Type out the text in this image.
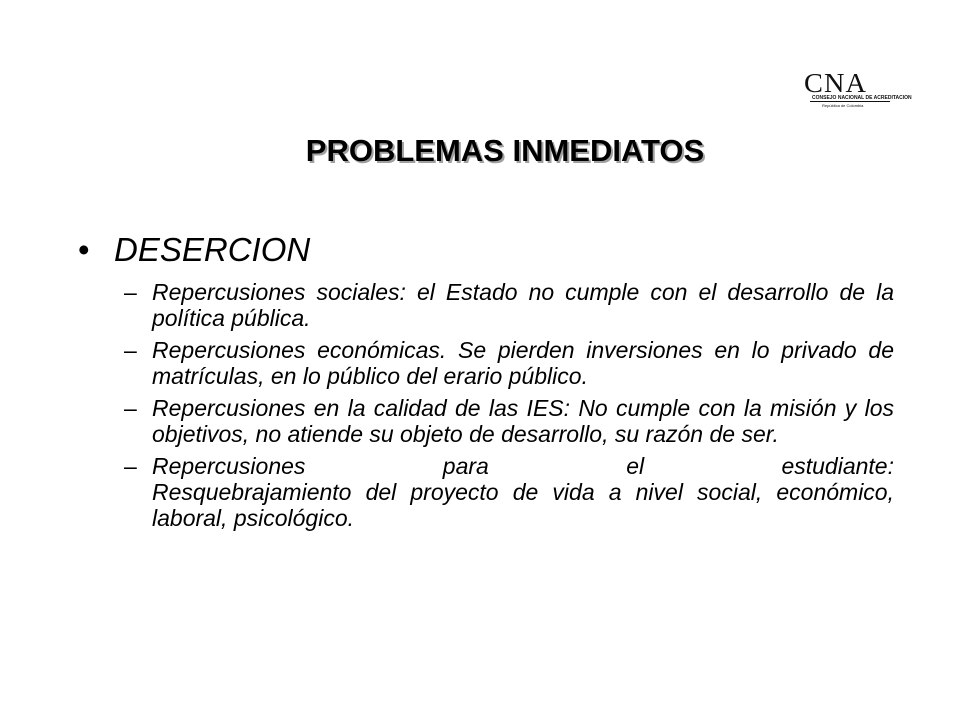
CNA
CONSEJO NACIONAL DE ACREDITACION
República de Colombia
PROBLEMAS INMEDIATOS
• DESERCION
– Repercusiones sociales: el Estado no cumple con el desarrollo de la política pública.
– Repercusiones económicas. Se pierden inversiones en lo privado de matrículas, en lo público del erario público.
– Repercusiones en la calidad de las IES: No cumple con la misión y los objetivos, no atiende su objeto de desarrollo, su razón de ser.
– Repercusiones para el estudiante:
Resquebrajamiento del proyecto de vida a nivel social, económico, laboral, psicológico.
